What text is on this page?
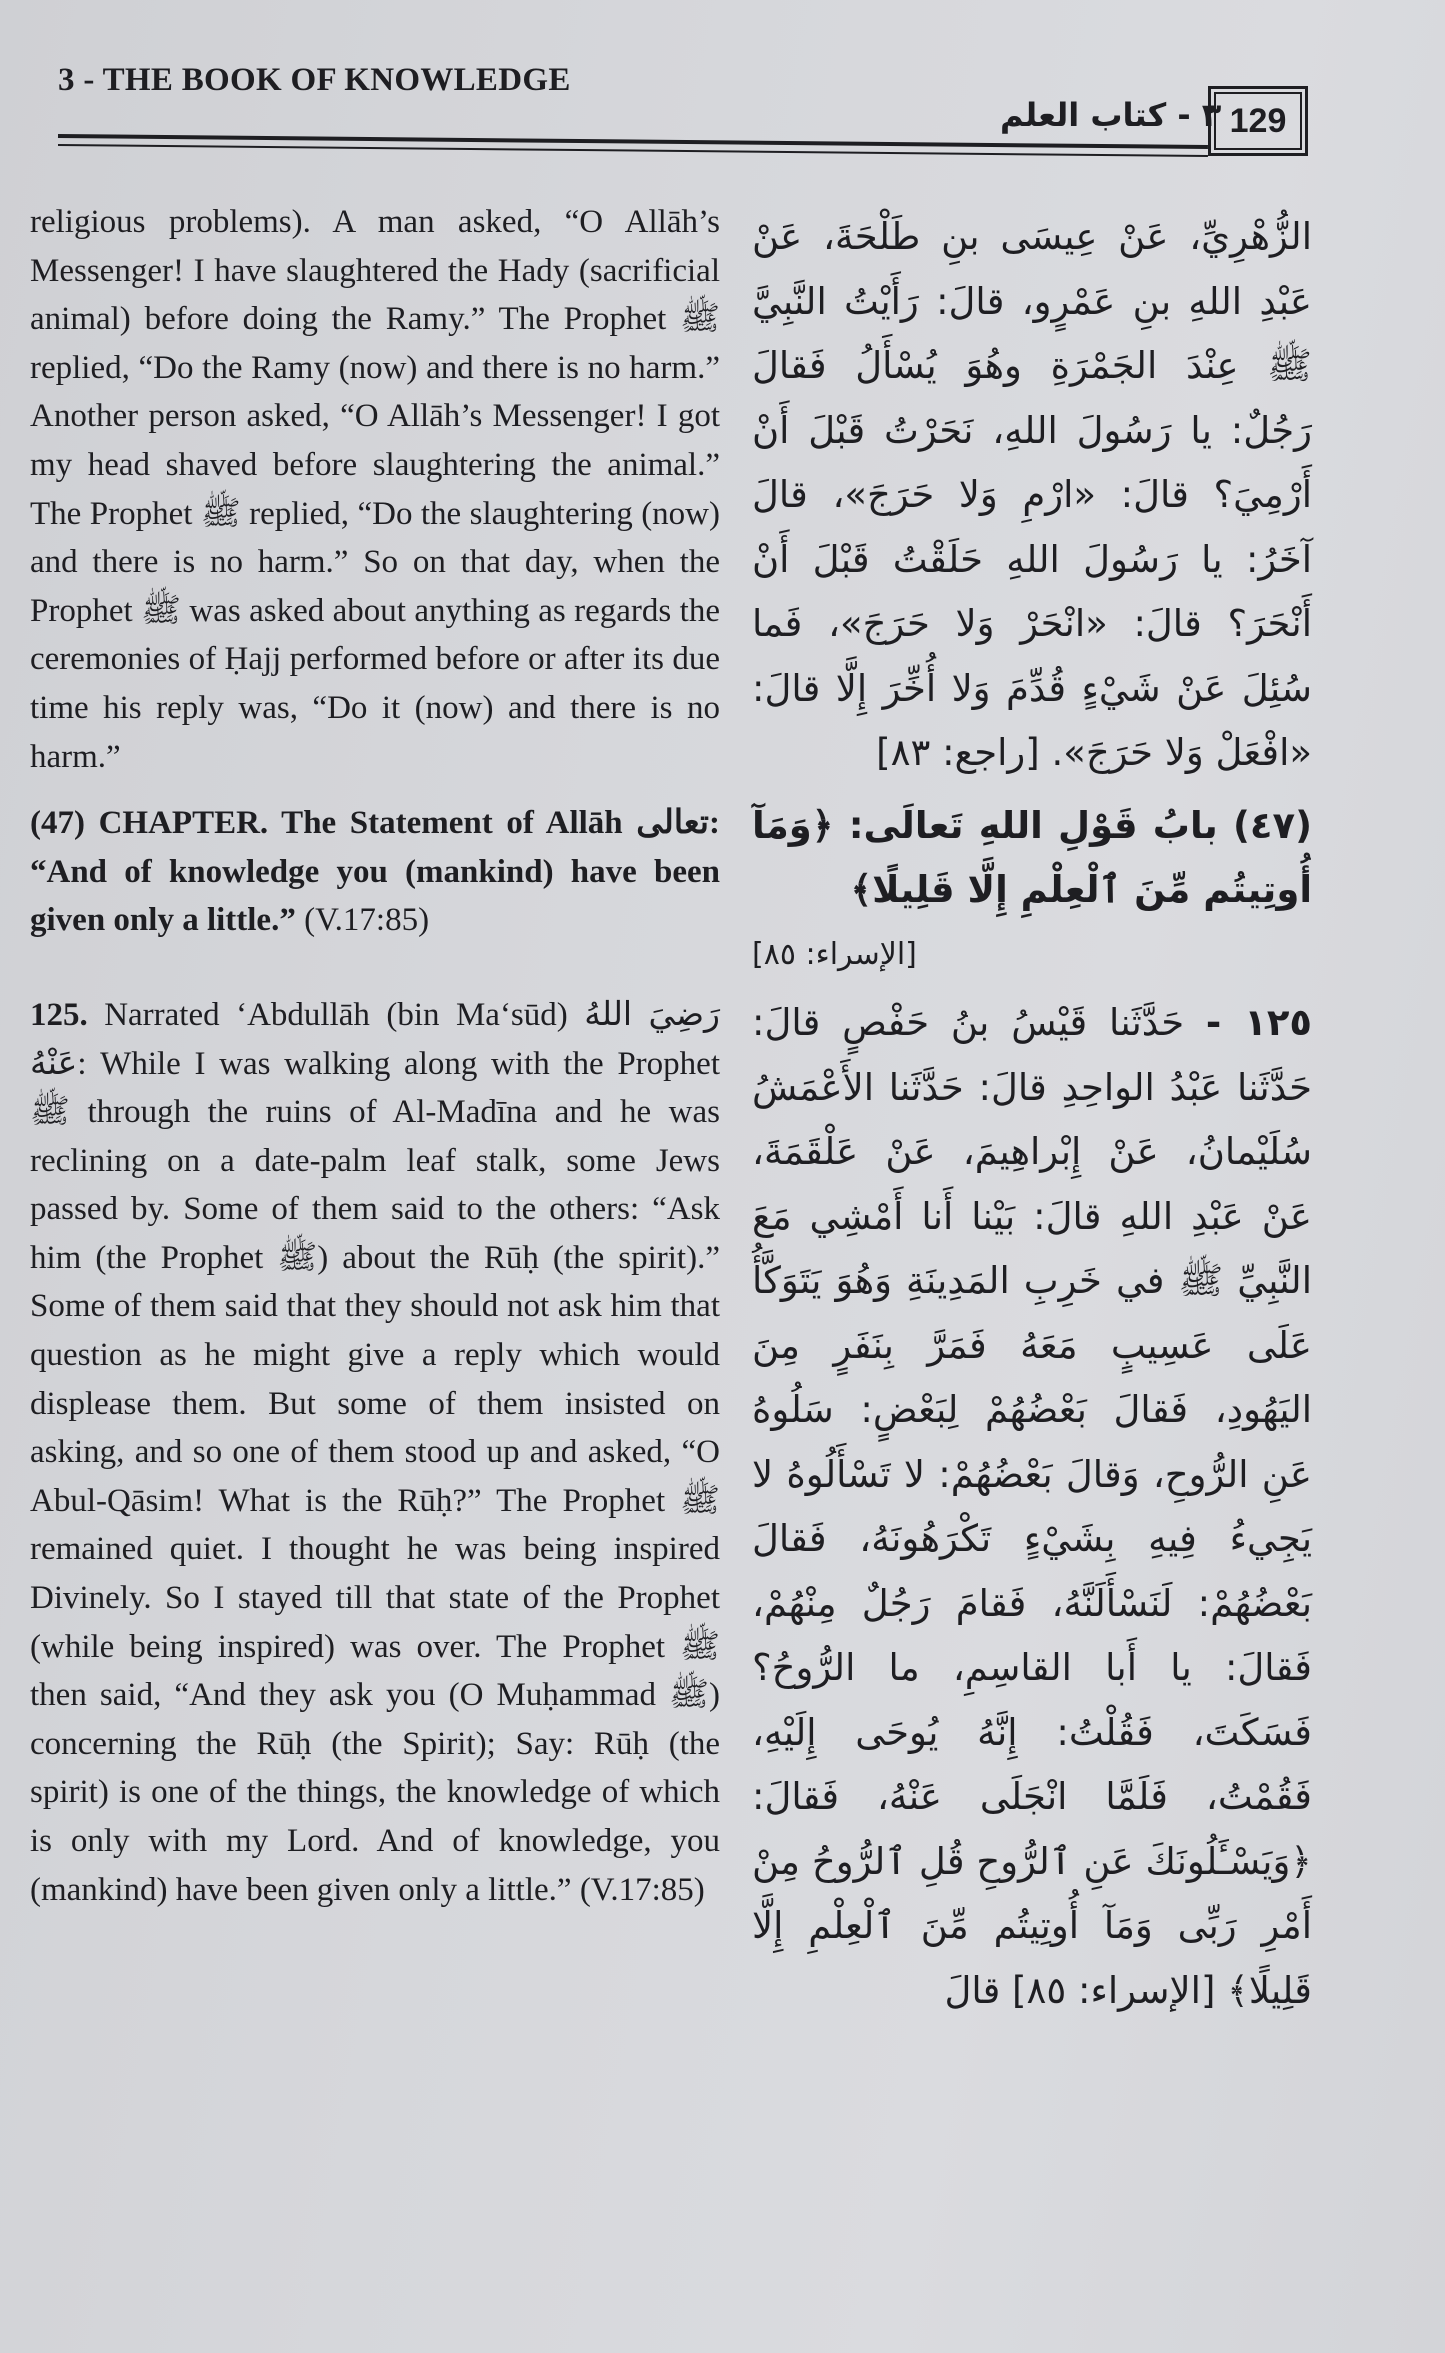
3 - THE BOOK OF KNOWLEDGE
٣ - كتاب العلم 129

religious problems). A man asked, “O Allāh’s Messenger! I have slaughtered the Hady (sacrificial animal) before doing the Ramy.” The Prophet ﷺ replied, “Do the Ramy (now) and there is no harm.” Another person asked, “O Allāh’s Messenger! I got my head shaved before slaughtering the animal.” The Prophet ﷺ replied, “Do the slaughtering (now) and there is no harm.” So on that day, when the Prophet ﷺ was asked about anything as regards the ceremonies of Ḥajj performed before or after its due time his reply was, “Do it (now) and there is no harm.”

(47) CHAPTER. The Statement of Allāh تعالى: “And of knowledge you (mankind) have been given only a little.” (V.17:85)

125. Narrated ‘Abdullāh (bin Ma‘sūd) رَضِيَ اللهُ عَنْهُ: While I was walking along with the Prophet ﷺ through the ruins of Al-Madīna and he was reclining on a date-palm leaf stalk, some Jews passed by. Some of them said to the others: “Ask him (the Prophet ﷺ) about the Rūḥ (the spirit).” Some of them said that they should not ask him that question as he might give a reply which would displease them. But some of them insisted on asking, and so one of them stood up and asked, “O Abul-Qāsim! What is the Rūḥ?” The Prophet ﷺ remained quiet. I thought he was being inspired Divinely. So I stayed till that state of the Prophet (while being inspired) was over. The Prophet ﷺ then said, “And they ask you (O Muḥammad ﷺ) concerning the Rūḥ (the Spirit); Say: Rūḥ (the spirit) is one of the things, the knowledge of which is only with my Lord. And of knowledge, you (mankind) have been given only a little.” (V.17:85)

الزُّهْرِيِّ، عَنْ عِيسَى بنِ طَلْحَةَ، عَنْ عَبْدِ اللهِ بنِ عَمْرٍو، قالَ: رَأَيْتُ النَّبِيَّ ﷺ عِنْدَ الجَمْرَةِ وهُوَ يُسْأَلُ فَقالَ رَجُلٌ: يا رَسُولَ اللهِ، نَحَرْتُ قَبْلَ أَنْ أَرْمِيَ؟ قالَ: «ارْمِ وَلا حَرَجَ»، قالَ آخَرُ: يا رَسُولَ اللهِ حَلَقْتُ قَبْلَ أَنْ أَنْحَرَ؟ قالَ: «انْحَرْ وَلا حَرَجَ»، فَما سُئِلَ عَنْ شَيْءٍ قُدِّمَ وَلا أُخِّرَ إِلَّا قالَ: «افْعَلْ وَلا حَرَجَ». [راجع: ٨٣]

(٤٧) بابُ قَوْلِ اللهِ تَعالَى: ﴿وَمَآ أُوتِيتُم مِّنَ ٱلْعِلْمِ إِلَّا قَلِيلًا﴾

[الإسراء: ٨٥]

١٢٥ - حَدَّثَنا قَيْسُ بنُ حَفْصٍ قالَ: حَدَّثَنا عَبْدُ الواحِدِ قالَ: حَدَّثَنا الأَعْمَشُ سُلَيْمانُ، عَنْ إِبْراهِيمَ، عَنْ عَلْقَمَةَ، عَنْ عَبْدِ اللهِ قالَ: بَيْنا أَنا أَمْشِي مَعَ النَّبِيِّ ﷺ في خَرِبِ المَدِينَةِ وَهُوَ يَتَوَكَّأُ عَلَى عَسِيبٍ مَعَهُ فَمَرَّ بِنَفَرٍ مِنَ اليَهُودِ، فَقالَ بَعْضُهُمْ لِبَعْضٍ: سَلُوهُ عَنِ الرُّوحِ، وَقالَ بَعْضُهُمْ: لا تَسْأَلُوهُ لا يَجِيءُ فِيهِ بِشَيْءٍ تَكْرَهُونَهُ، فَقالَ بَعْضُهُمْ: لَنَسْأَلَنَّهُ، فَقامَ رَجُلٌ مِنْهُمْ، فَقالَ: يا أَبا القاسِمِ، ما الرُّوحُ؟ فَسَكَتَ، فَقُلْتُ: إِنَّهُ يُوحَى إِلَيْهِ، فَقُمْتُ، فَلَمَّا انْجَلَى عَنْهُ، فَقالَ: ﴿وَيَسْـَٔلُونَكَ عَنِ ٱلرُّوحِ قُلِ ٱلرُّوحُ مِنْ أَمْرِ رَبِّى وَمَآ أُوتِيتُم مِّنَ ٱلْعِلْمِ إِلَّا قَلِيلًا﴾ [الإسراء: ٨٥] قالَ
